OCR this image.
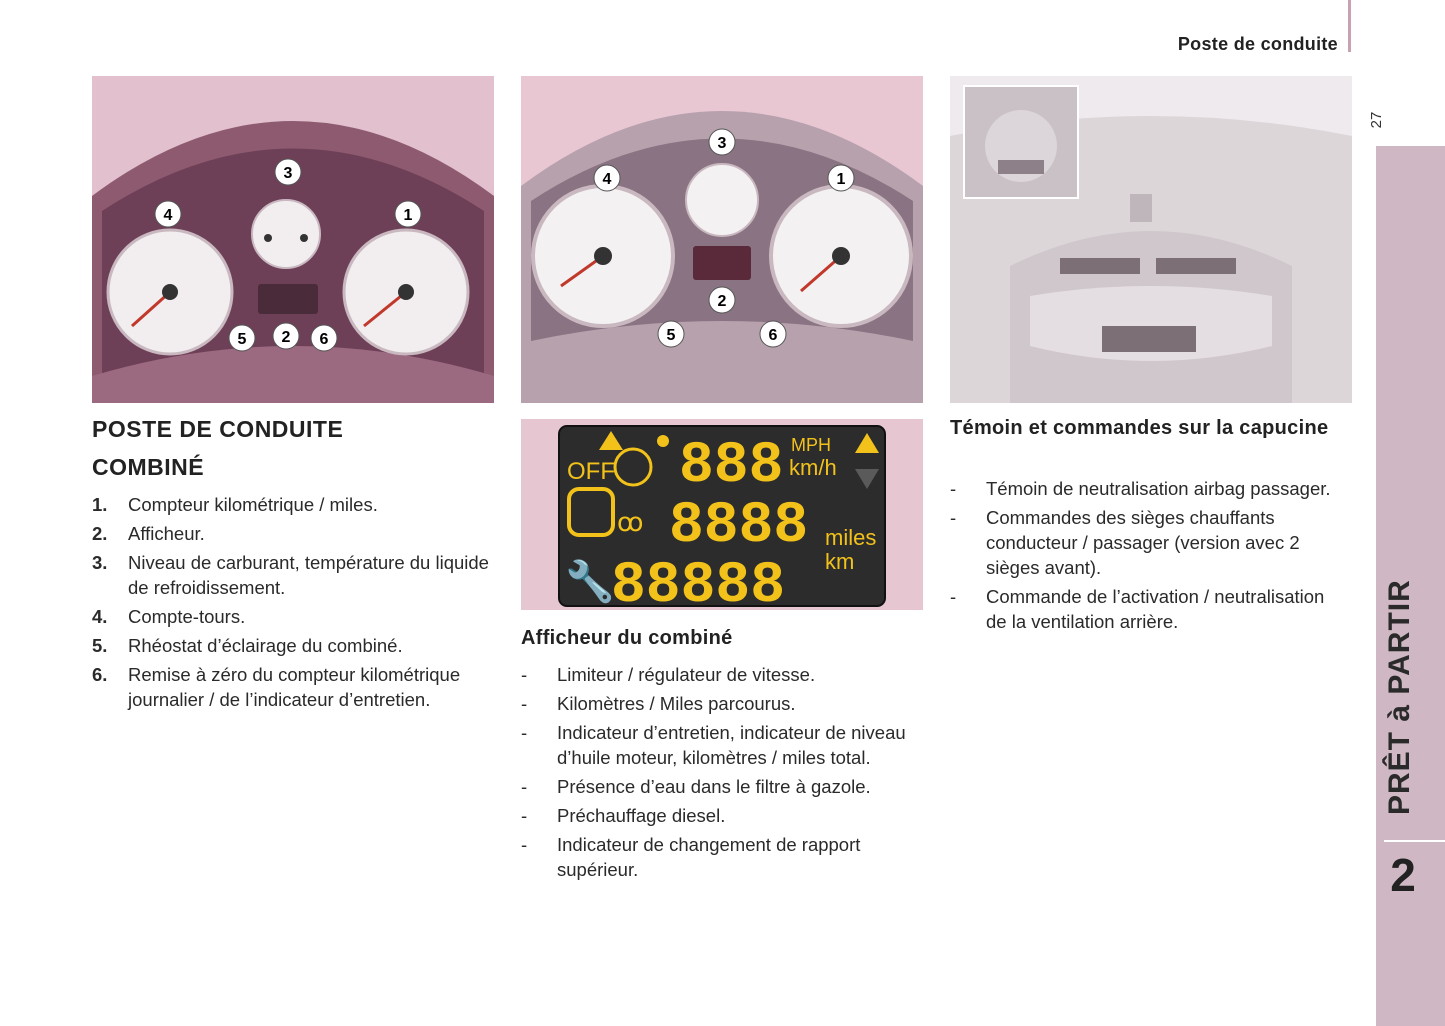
Poste de conduite
27
PRÊT à PARTIR
2
3
4	1
5 2 6
3
4	1
2
5	6
OFF 888 MPH
km/h
ꝏ 8888 miles
🔧
88888 km
POSTE DE CONDUITE
COMBINÉ
1. Compteur kilométrique / miles.
2. Afficheur.
3. Niveau de carburant, température du liquide de refroidissement.
4. Compte-tours.
5. Rhéostat d’éclairage du combiné.
6. Remise à zéro du compteur kilométrique journalier / de l’indicateur d’entretien.
Afficheur du combiné
- Limiteur / régulateur de vitesse.
- Kilomètres / Miles parcourus.
- Indicateur d’entretien, indicateur de niveau d’huile moteur, kilomètres / miles total.
- Présence d’eau dans le filtre à gazole.
- Préchauffage diesel.
- Indicateur de changement de rapport supérieur.
Témoin et commandes sur la capucine
- Témoin de neutralisation airbag passager.
- Commandes des sièges chauffants conducteur / passager (version avec 2 sièges avant).
- Commande de l’activation / neutralisation de la ventilation arrière.
